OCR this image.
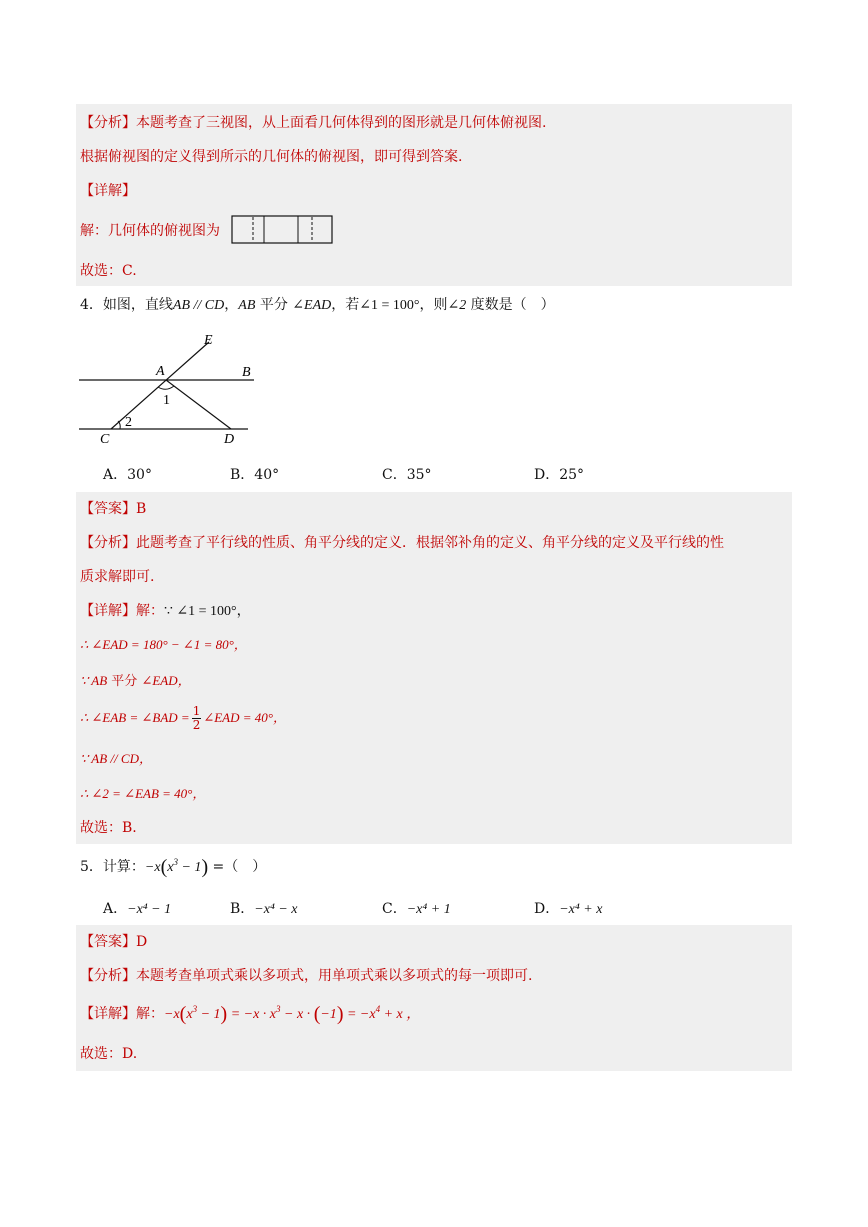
【分析】本题考查了三视图，从上面看几何体得到的图形就是几何体俯视图.
根据俯视图的定义得到所示的几何体的俯视图，即可得到答案.
【详解】
解：几何体的俯视图为
故选：C.
4．如图，直线AB // CD，AB 平分 ∠EAD，若∠1 = 100°，则∠2 度数是（　）
E
A	B
C	D
1
2
A．30°	B．40°	C．35°	D．25°
【答案】B
【分析】此题考查了平行线的性质、角平分线的定义．根据邻补角的定义、角平分线的定义及平行线的性
质求解即可.
【详解】解：∵ ∠1 = 100°，
∴ ∠EAD = 180° − ∠1 = 80°，
∵ AB 平分 ∠EAD，
∴ ∠EAB = ∠BAD = $\frac{1}{2}$ ∠EAD = 40°，
∵ AB // CD，
∴ ∠2 = ∠EAB = 40°，
故选：B.
5．计算：$-x(x^3 - 1)$ =（　）
A．−x⁴ − 1	B．−x⁴ − x	C．−x⁴ + 1	D．−x⁴ + x
【答案】D
【分析】本题考查单项式乘以多项式，用单项式乘以多项式的每一项即可.
【详解】解：$-x(x^3 - 1) = -x \cdot x^3 - x \cdot (-1) = -x^4 + x$ ，
故选：D.
